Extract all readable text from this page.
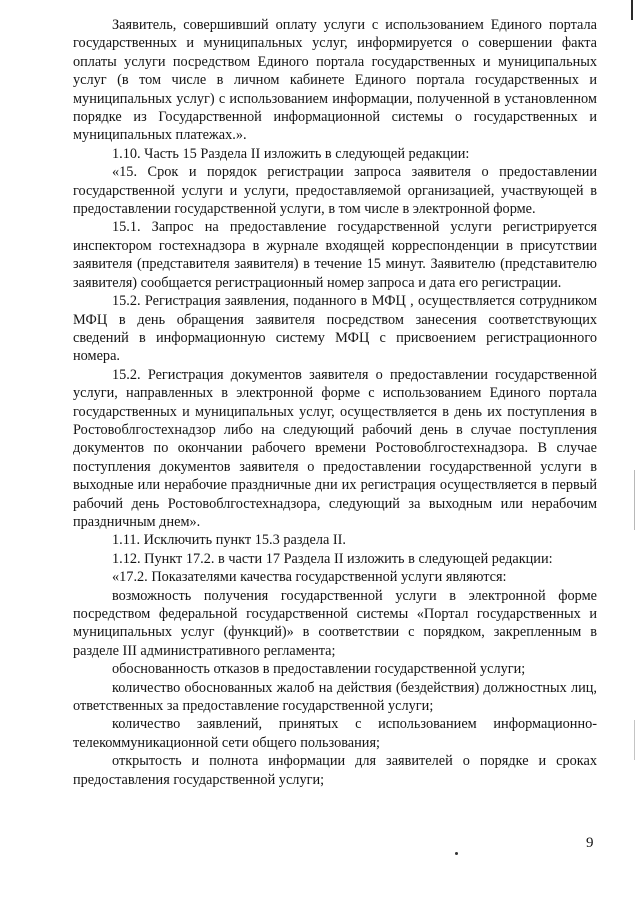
Заявитель, совершивший оплату услуги с использованием Единого портала государственных и муниципальных услуг, информируется о совершении факта оплаты услуги посредством Единого портала государственных и муниципальных услуг (в том числе в личном кабинете Единого портала государственных и муниципальных услуг) с использованием информации, полученной в установленном порядке из Государственной информационной системы о государственных и муниципальных платежах.».

1.10. Часть 15 Раздела II изложить в следующей редакции:

«15. Срок и порядок регистрации запроса заявителя о предоставлении государственной услуги и услуги, предоставляемой организацией, участвующей в предоставлении государственной услуги, в том числе в электронной форме.

15.1. Запрос на предоставление государственной услуги регистрируется инспектором гостехнадзора в журнале входящей корреспонденции в присутствии заявителя (представителя заявителя) в течение 15 минут. Заявителю (представителю заявителя) сообщается регистрационный номер запроса и дата его регистрации.

15.2. Регистрация заявления, поданного в МФЦ , осуществляется сотрудником МФЦ в день обращения заявителя посредством занесения соответствующих сведений в информационную систему МФЦ с присвоением регистрационного номера.

15.2. Регистрация документов заявителя о предоставлении государственной услуги, направленных в электронной форме с использованием Единого портала государственных и муниципальных услуг, осуществляется в день их поступления в Ростовоблгостехнадзор либо на следующий рабочий день в случае поступления документов по окончании рабочего времени Ростовоблгостехнадзора. В случае поступления документов заявителя о предоставлении государственной услуги в выходные или нерабочие праздничные дни их регистрация осуществляется в первый рабочий день Ростовоблгостехнадзора, следующий за выходным или нерабочим праздничным днем».

1.11. Исключить пункт 15.3 раздела II.

1.12. Пункт 17.2. в части 17 Раздела II изложить в следующей редакции:

«17.2. Показателями качества государственной услуги являются:

возможность получения государственной услуги в электронной форме посредством федеральной государственной системы «Портал государственных и муниципальных услуг (функций)» в соответствии с порядком, закрепленным в разделе III административного регламента;

обоснованность отказов в предоставлении государственной услуги;

количество обоснованных жалоб на действия (бездействия) должностных лиц, ответственных за предоставление государственной услуги;

количество заявлений, принятых с использованием информационно-телекоммуникационной сети общего пользования;

открытость и полнота информации для заявителей о порядке и сроках предоставления государственной услуги;

9
